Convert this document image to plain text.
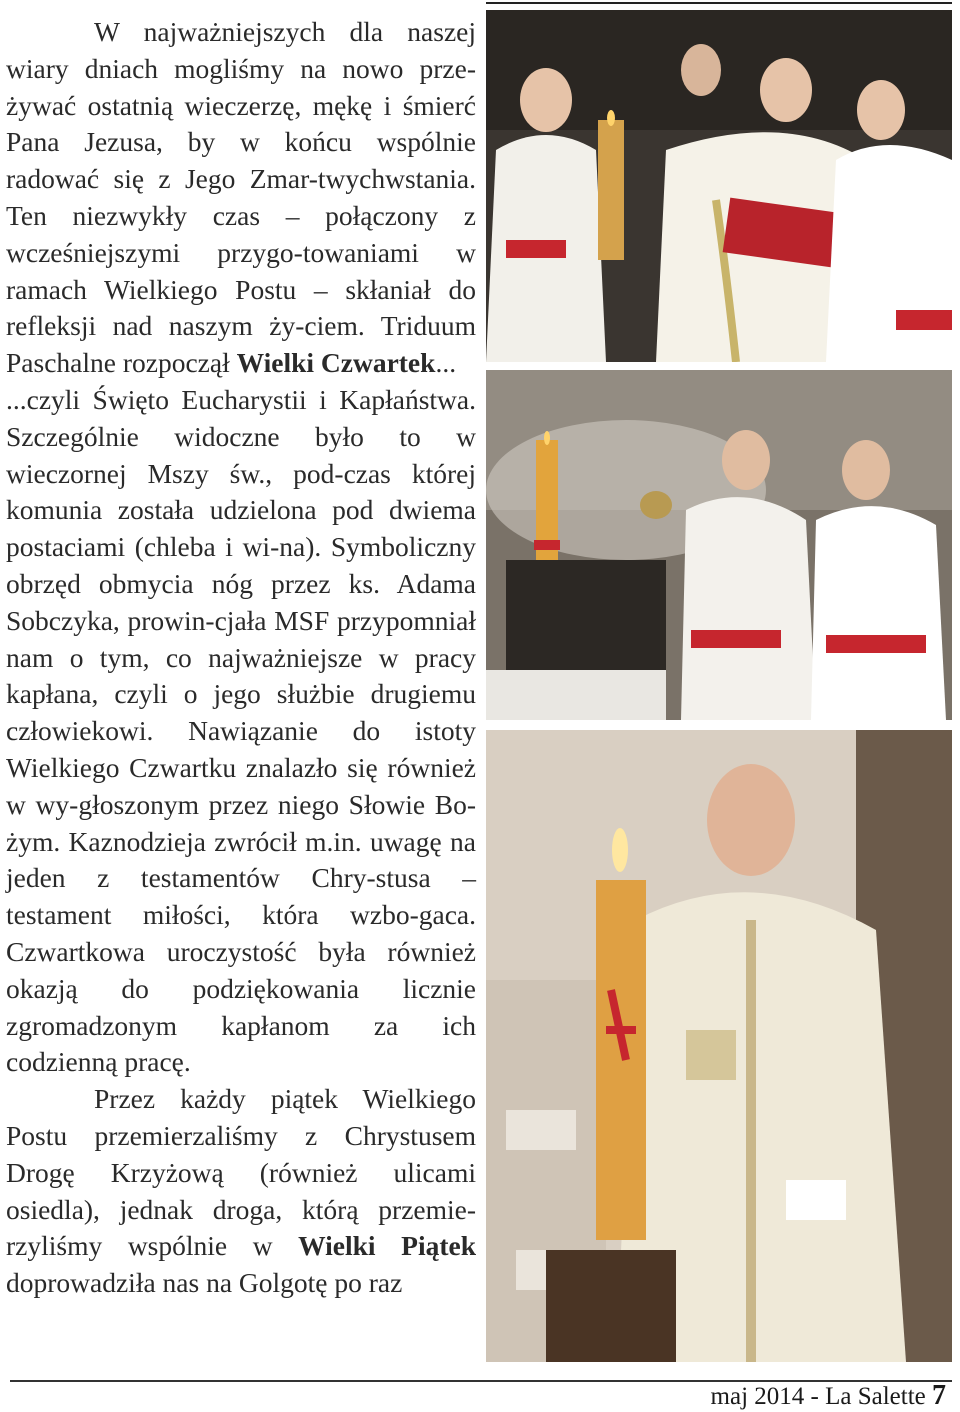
W najważniejszych dla naszej wiary dniach mogliśmy na nowo prze-żywać ostatnią wieczerzę, mękę i śmierć Pana Jezusa, by w końcu wspólnie radować się z Jego Zmar-twychwstania. Ten niezwykły czas – połączony z wcześniejszymi przygo-towaniami w ramach Wielkiego Postu – skłaniał do refleksji nad naszym ży-ciem. Triduum Paschalne rozpoczął Wielki Czwartek...

...czyli Święto Eucharystii i Kapłaństwa. Szczególnie widoczne było to w wieczornej Mszy św., pod-czas której komunia została udzielona pod dwiema postaciami (chleba i wi-na). Symboliczny obrzęd obmycia nóg przez ks. Adama Sobczyka, prowin-cjała MSF przypomniał nam o tym, co najważniejsze w pracy kapłana, czyli o jego służbie drugiemu człowiekowi. Nawiązanie do istoty Wielkiego Czwartku znalazło się również w wy-głoszonym przez niego Słowie Bo-żym. Kaznodzieja zwrócił m.in. uwagę na jeden z testamentów Chry-stusa – testament miłości, która wzbo-gaca. Czwartkowa uroczystość była również okazją do podziękowania licznie zgromadzonym kapłanom za ich codzienną pracę.

Przez każdy piątek Wielkiego Postu przemierzaliśmy z Chrystusem Drogę Krzyżową (również ulicami osiedla), jednak droga, którą przemie-rzyliśmy wspólnie w Wielki Piątek doprowadziła nas na Golgotę po raz

maj 2014 - La Salette 7
